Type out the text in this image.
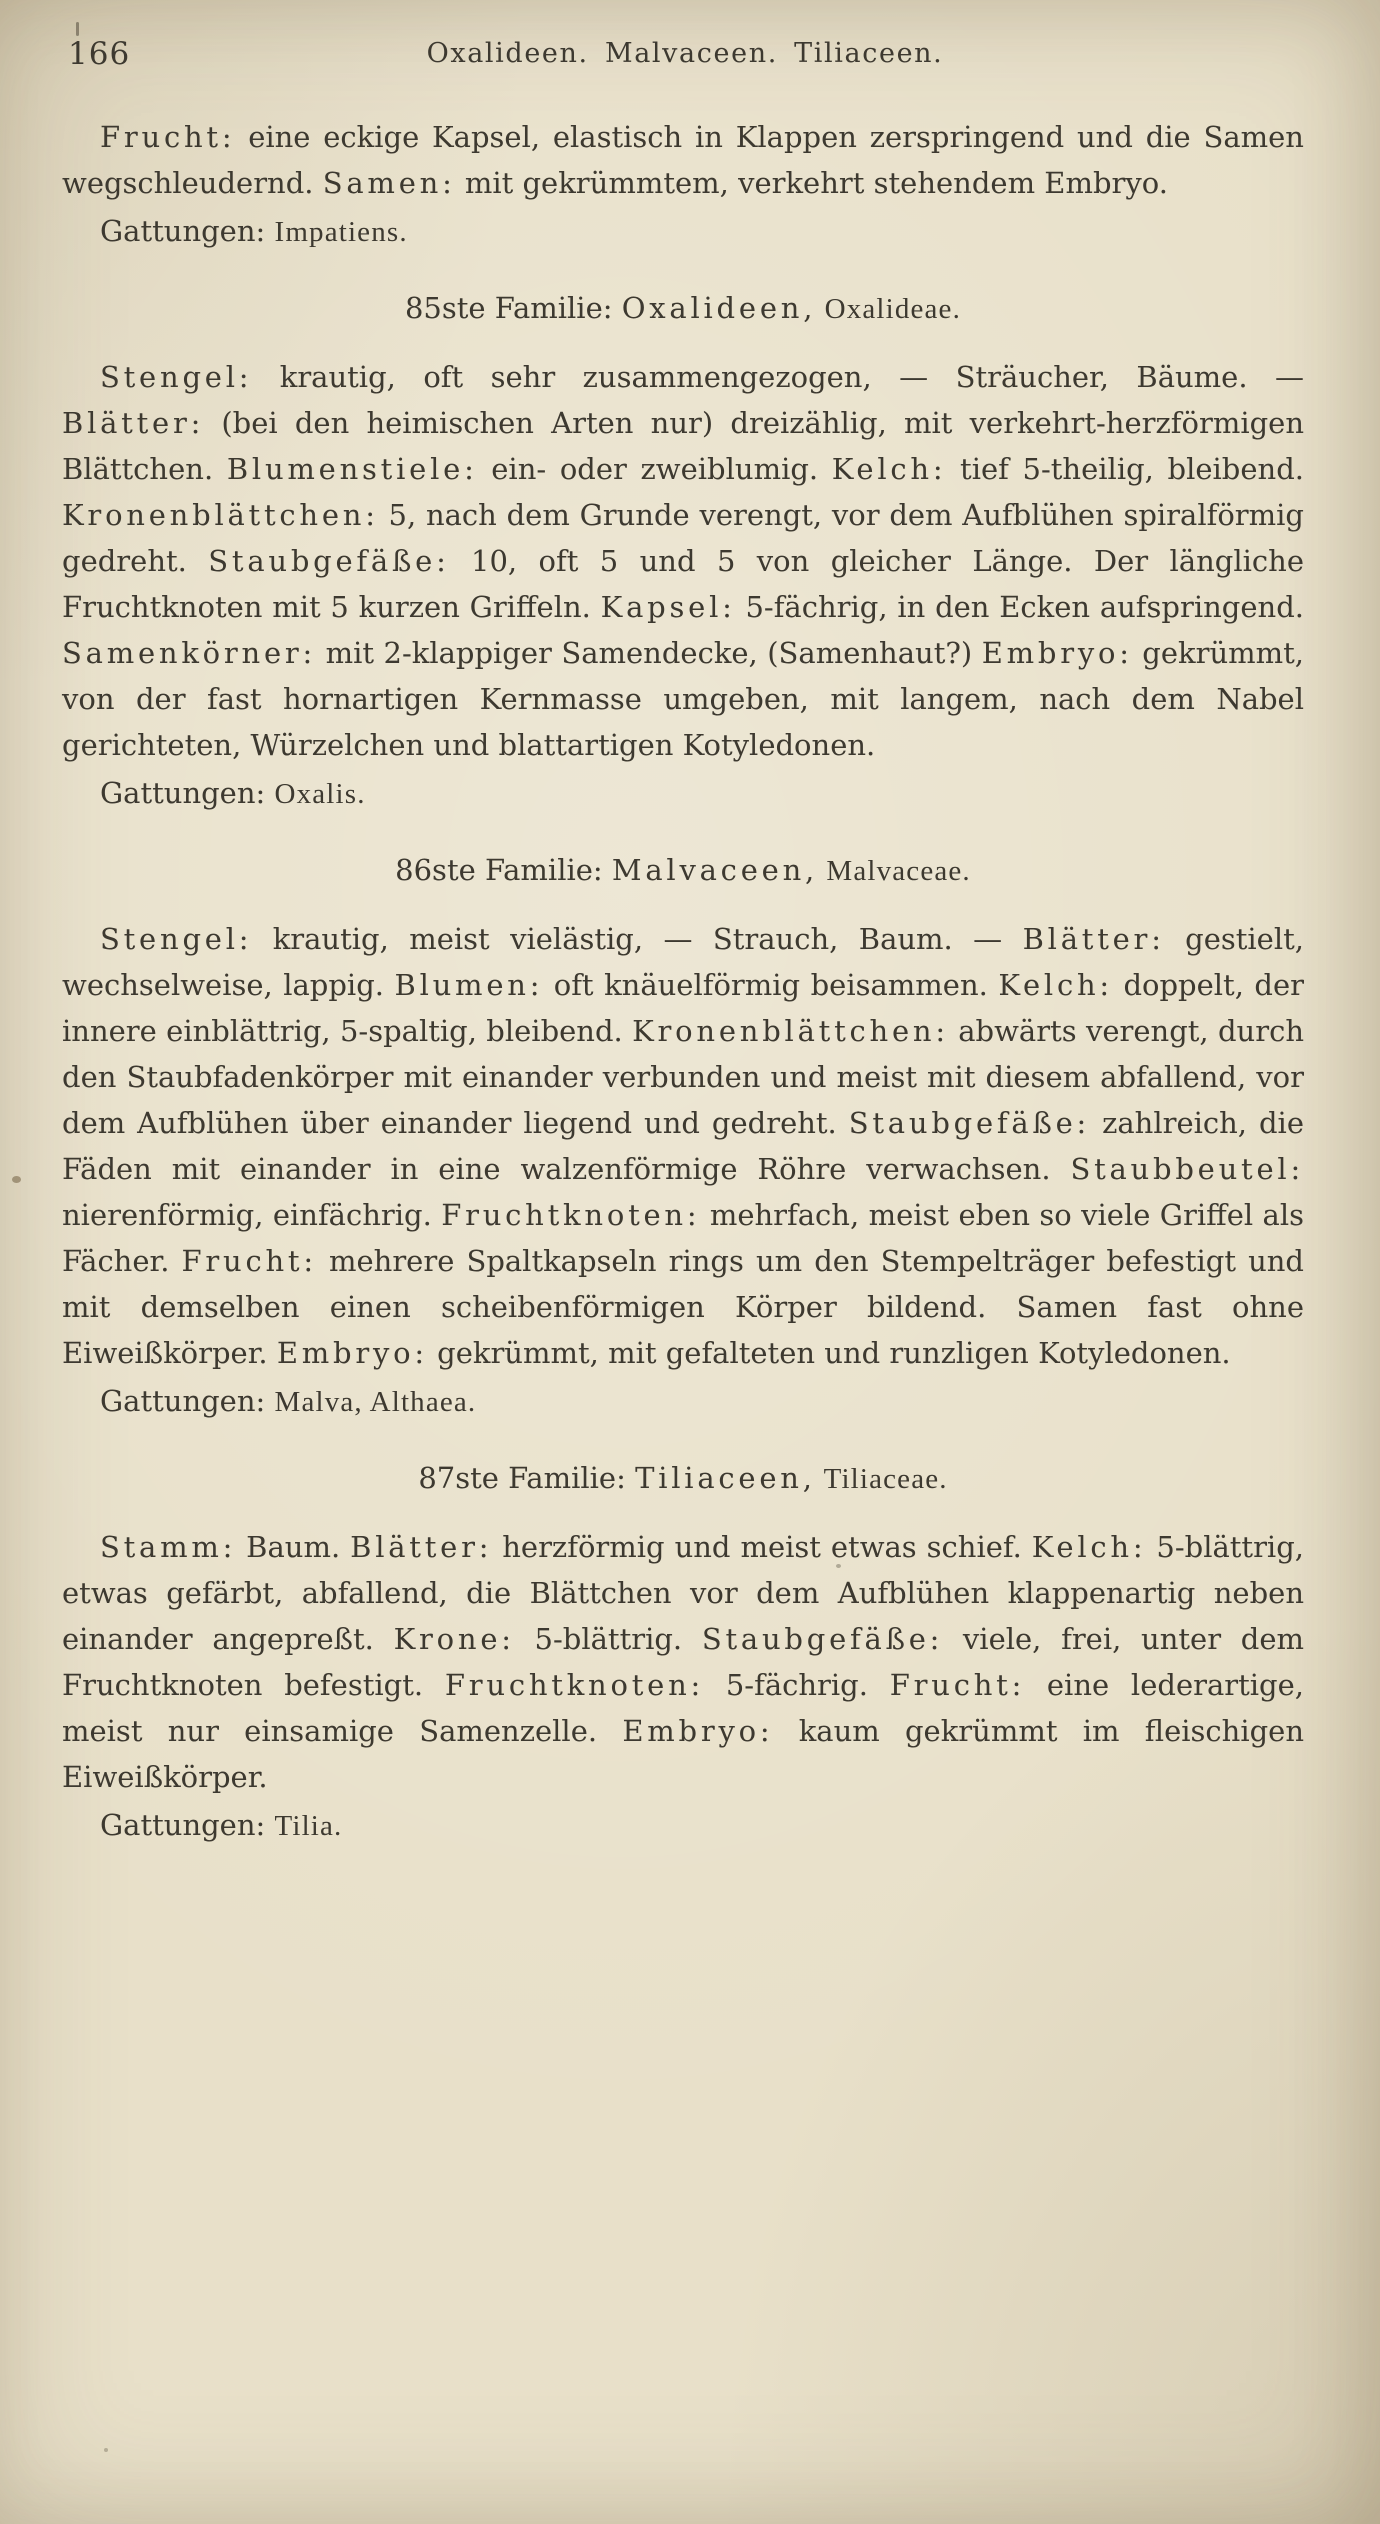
166	Oxalideen. Malvaceen. Tiliaceen.
Frucht: eine eckige Kapsel, elastisch in Klappen zerspringend und die Samen wegschleudernd. Samen: mit gekrümmtem, verkehrt stehendem Embryo.
Gattungen: Impatiens.
85ste Familie: Oxalideen, Oxalideae.
Stengel: krautig, oft sehr zusammengezogen, — Sträucher, Bäume. — Blätter: (bei den heimischen Arten nur) dreizählig, mit verkehrt-herzförmigen Blättchen. Blumenstiele: ein- oder zweiblumig. Kelch: tief 5-theilig, bleibend. Kronenblättchen: 5, nach dem Grunde verengt, vor dem Aufblühen spiralförmig gedreht. Staubgefäße: 10, oft 5 und 5 von gleicher Länge. Der längliche Fruchtknoten mit 5 kurzen Griffeln. Kapsel: 5-fächrig, in den Ecken aufspringend. Samenkörner: mit 2-klappiger Samendecke, (Samenhaut?) Embryo: gekrümmt, von der fast hornartigen Kernmasse umgeben, mit langem, nach dem Nabel gerichteten, Würzelchen und blattartigen Kotyledonen.
Gattungen: Oxalis.
86ste Familie: Malvaceen, Malvaceae.
Stengel: krautig, meist vielästig, — Strauch, Baum. — Blätter: gestielt, wechselweise, lappig. Blumen: oft knäuelförmig beisammen. Kelch: doppelt, der innere einblättrig, 5-spaltig, bleibend. Kronenblättchen: abwärts verengt, durch den Staubfadenkörper mit einander verbunden und meist mit diesem abfallend, vor dem Aufblühen über einander liegend und gedreht. Staubgefäße: zahlreich, die Fäden mit einander in eine walzenförmige Röhre verwachsen. Staubbeutel: nierenförmig, einfächrig. Fruchtknoten: mehrfach, meist eben so viele Griffel als Fächer. Frucht: mehrere Spaltkapseln rings um den Stempelträger befestigt und mit demselben einen scheibenförmigen Körper bildend. Samen fast ohne Eiweißkörper. Embryo: gekrümmt, mit gefalteten und runzligen Kotyledonen.
Gattungen: Malva, Althaea.
87ste Familie: Tiliaceen, Tiliaceae.
Stamm: Baum. Blätter: herzförmig und meist etwas schief. Kelch: 5-blättrig, etwas gefärbt, abfallend, die Blättchen vor dem Aufblühen klappenartig neben einander angepreßt. Krone: 5-blättrig. Staubgefäße: viele, frei, unter dem Fruchtknoten befestigt. Fruchtknoten: 5-fächrig. Frucht: eine lederartige, meist nur einsamige Samenzelle. Embryo: kaum gekrümmt im fleischigen Eiweißkörper.
Gattungen: Tilia.
